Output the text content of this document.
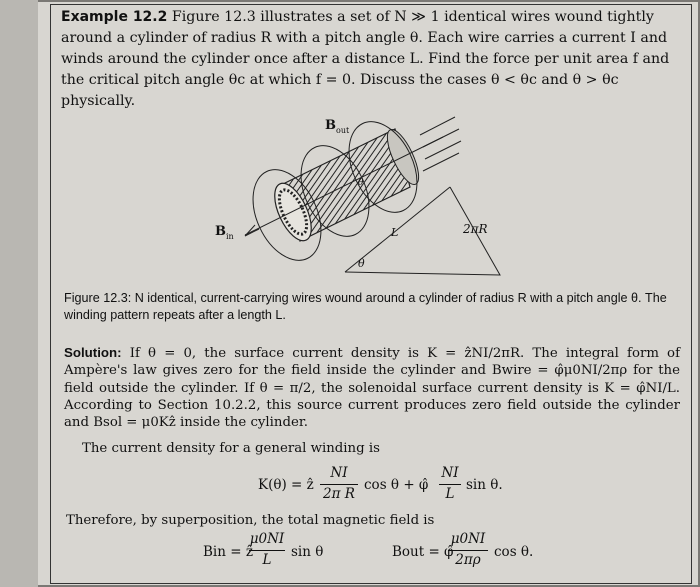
Example 12.2 Figure 12.3 illustrates a set of N ≫ 1 identical wires wound tightly around a cylinder of radius R with a pitch angle θ. Each wire carries a current I and winds around the cylinder once after a distance L. Find the force per unit area f and the critical pitch angle θc at which f = 0. Discuss the cases θ < θc and θ > θc physically.
$B_{out}$
$B_{in}$	L	2πR
θ
θ
Figure 12.3: N identical, current-carrying wires wound around a cylinder of radius R with a pitch angle θ. The winding pattern repeats after a length L.
Solution: If θ = 0, the surface current density is K = ẑNI/2πR. The integral form of Ampère's law gives zero for the field inside the cylinder and Bwire = φ̂μ0NI/2πρ for the field outside the cylinder. If θ = π/2, the solenoidal surface current density is K = φ̂NI/L. According to Section 10.2.2, this source current produces zero field outside the cylinder and Bsol = μ0Kẑ inside the cylinder.
The current density for a general winding is
K(θ) = ẑ
NI
2π R
cos θ + φ̂
NI
L
sin θ.
Therefore, by superposition, the total magnetic field is
Bin = ẑ
μ0NI
L	sin θ	Bout = φ̂
μ0NI
2πρ cos θ.
